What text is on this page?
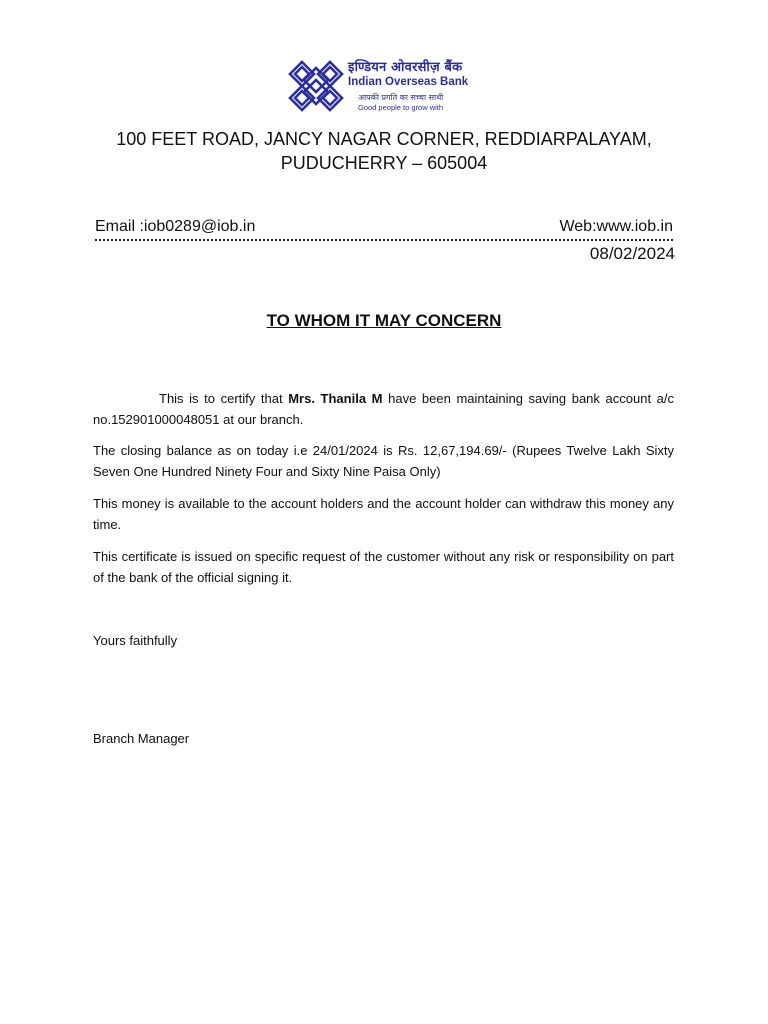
इण्डियन ओवरसीज़ बैंक
Indian Overseas Bank
आपकी प्रगति का सच्चा साथी
Good people to grow with
100 FEET ROAD, JANCY NAGAR CORNER, REDDIARPALAYAM,
PUDUCHERRY – 605004
Email :iob0289@iob.in	Web:www.iob.in
08/02/2024
TO WHOM IT MAY CONCERN
This is to certify that Mrs. Thanila M have been maintaining saving bank account a/c no.152901000048051 at our branch.
The closing balance as on today i.e 24/01/2024 is Rs. 12,67,194.69/- (Rupees Twelve Lakh Sixty Seven One Hundred Ninety Four and Sixty Nine Paisa Only)
This money is available to the account holders and the account holder can withdraw this money any time.
This certificate is issued on specific request of the customer without any risk or responsibility on part of the bank of the official signing it.
Yours faithfully
Branch Manager
